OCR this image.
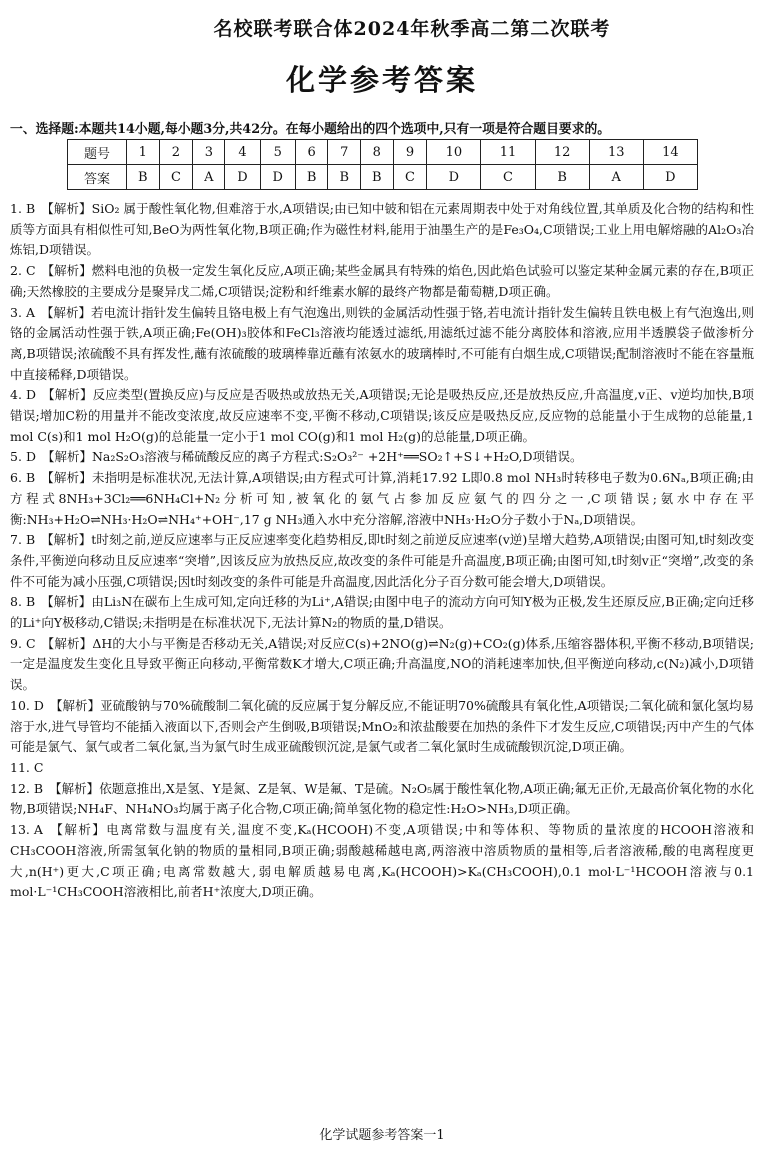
名校联考联合体2024年秋季高二第二次联考
化学参考答案
一、选择题:本题共14小题,每小题3分,共42分。在每小题给出的四个选项中,只有一项是符合题目要求的。
题号	1	2	3	4	5	6	7	8	9	10	11	12	13	14
答案	B	C	A	D	D	B	B	B	C	D	C	B	A	D
1. B 【解析】SiO₂ 属于酸性氧化物,但难溶于水,A项错误;由已知中铍和铝在元素周期表中处于对角线位置,其单质及化合物的结构和性质等方面具有相似性可知,BeO为两性氧化物,B项正确;作为磁性材料,能用于油墨生产的是Fe₃O₄,C项错误;工业上用电解熔融的Al₂O₃冶炼铝,D项错误。
2. C 【解析】燃料电池的负极一定发生氧化反应,A项正确;某些金属具有特殊的焰色,因此焰色试验可以鉴定某种金属元素的存在,B项正确;天然橡胶的主要成分是聚异戊二烯,C项错误;淀粉和纤维素水解的最终产物都是葡萄糖,D项正确。
3. A 【解析】若电流计指针发生偏转且铬电极上有气泡逸出,则铁的金属活动性强于铬,若电流计指针发生偏转且铁电极上有气泡逸出,则铬的金属活动性强于铁,A项正确;Fe(OH)₃胶体和FeCl₃溶液均能透过滤纸,用滤纸过滤不能分离胶体和溶液,应用半透膜袋子做渗析分离,B项错误;浓硫酸不具有挥发性,蘸有浓硫酸的玻璃棒靠近蘸有浓氨水的玻璃棒时,不可能有白烟生成,C项错误;配制溶液时不能在容量瓶中直接稀释,D项错误。
4. D 【解析】反应类型(置换反应)与反应是否吸热或放热无关,A项错误;无论是吸热反应,还是放热反应,升高温度,v正、v逆均加快,B项错误;增加C粉的用量并不能改变浓度,故反应速率不变,平衡不移动,C项错误;该反应是吸热反应,反应物的总能量小于生成物的总能量,1 mol C(s)和1 mol H₂O(g)的总能量一定小于1 mol CO(g)和1 mol H₂(g)的总能量,D项正确。
5. D 【解析】Na₂S₂O₃溶液与稀硫酸反应的离子方程式:S₂O₃²⁻ +2H⁺══SO₂↑+S↓+H₂O,D项错误。
6. B 【解析】未指明是标准状况,无法计算,A项错误;由方程式可计算,消耗17.92 L即0.8 mol NH₃时转移电子数为0.6Nₐ,B项正确;由方程式8NH₃+3Cl₂══6NH₄Cl+N₂分析可知,被氧化的氨气占参加反应氨气的四分之一,C项错误;氨水中存在平衡:NH₃+H₂O⇌NH₃·H₂O⇌NH₄⁺+OH⁻,17 g NH₃通入水中充分溶解,溶液中NH₃·H₂O分子数小于Nₐ,D项错误。
7. B 【解析】t时刻之前,逆反应速率与正反应速率变化趋势相反,即t时刻之前逆反应速率(v逆)呈增大趋势,A项错误;由图可知,t时刻改变条件,平衡逆向移动且反应速率“突增”,因该反应为放热反应,故改变的条件可能是升高温度,B项正确;由图可知,t时刻v正“突增”,改变的条件不可能为减小压强,C项错误;因t时刻改变的条件可能是升高温度,因此活化分子百分数可能会增大,D项错误。
8. B 【解析】由Li₃N在碳布上生成可知,定向迁移的为Li⁺,A错误;由图中电子的流动方向可知Y极为正极,发生还原反应,B正确;定向迁移的Li⁺向Y极移动,C错误;未指明是在标准状况下,无法计算N₂的物质的量,D错误。
9. C 【解析】ΔH的大小与平衡是否移动无关,A错误;对反应C(s)+2NO(g)⇌N₂(g)+CO₂(g)体系,压缩容器体积,平衡不移动,B项错误;一定是温度发生变化且导致平衡正向移动,平衡常数K才增大,C项正确;升高温度,NO的消耗速率加快,但平衡逆向移动,c(N₂)减小,D项错误。
10. D 【解析】亚硫酸钠与70%硫酸制二氧化硫的反应属于复分解反应,不能证明70%硫酸具有氧化性,A项错误;二氧化硫和氯化氢均易溶于水,进气导管均不能插入液面以下,否则会产生倒吸,B项错误;MnO₂和浓盐酸要在加热的条件下才发生反应,C项错误;丙中产生的气体可能是氯气、氯气或者二氧化氯,当为氯气时生成亚硫酸钡沉淀,是氯气或者二氧化氯时生成硫酸钡沉淀,D项正确。
11. C
12. B 【解析】依题意推出,X是氢、Y是氮、Z是氧、W是氟、T是硫。N₂O₅属于酸性氧化物,A项正确;氟无正价,无最高价氧化物的水化物,B项错误;NH₄F、NH₄NO₃均属于离子化合物,C项正确;简单氢化物的稳定性:H₂O>NH₃,D项正确。
13. A 【解析】电离常数与温度有关,温度不变,Kₐ(HCOOH)不变,A项错误;中和等体积、等物质的量浓度的HCOOH溶液和CH₃COOH溶液,所需氢氧化钠的物质的量相同,B项正确;弱酸越稀越电离,两溶液中溶质物质的量相等,后者溶液稀,酸的电离程度更大,n(H⁺)更大,C项正确;电离常数越大,弱电解质越易电离,Kₐ(HCOOH)>Kₐ(CH₃COOH),0.1 mol·L⁻¹HCOOH溶液与0.1 mol·L⁻¹CH₃COOH溶液相比,前者H⁺浓度大,D项正确。
化学试题参考答案一1
